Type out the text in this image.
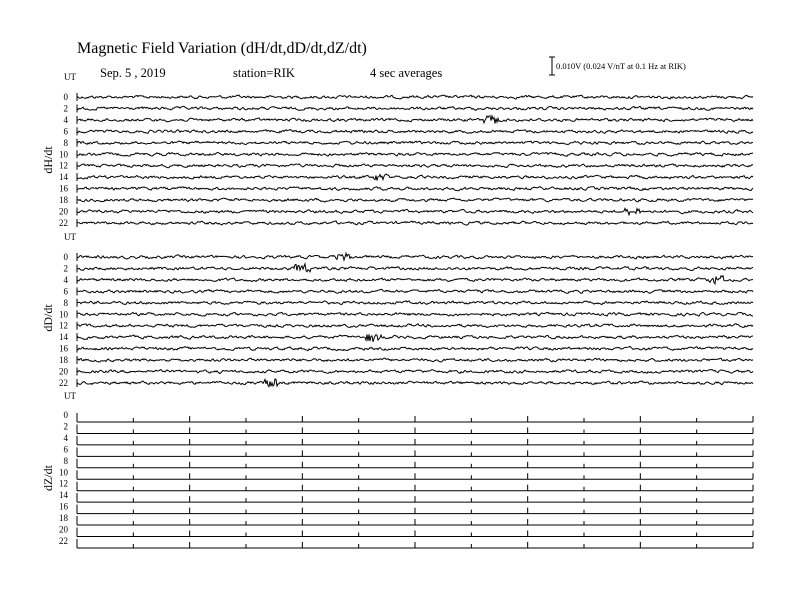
Magnetic Field Variation (dH/dt,dD/dt,dZ/dt)
Sep. 5 , 2019	station=RIK	4 sec averages	0.010V (0.024 V/nT at 0.1 Hz at RIK)
UT
dH/dt
0
2
4
6
8
10
12
14
16
18
20
22
UT
dD/dt
0
2
4
6
8
10
12
14
16
18
20
22
UT
dZ/dt
0
2
4
6
8
10
12
14
16
18
20
22
